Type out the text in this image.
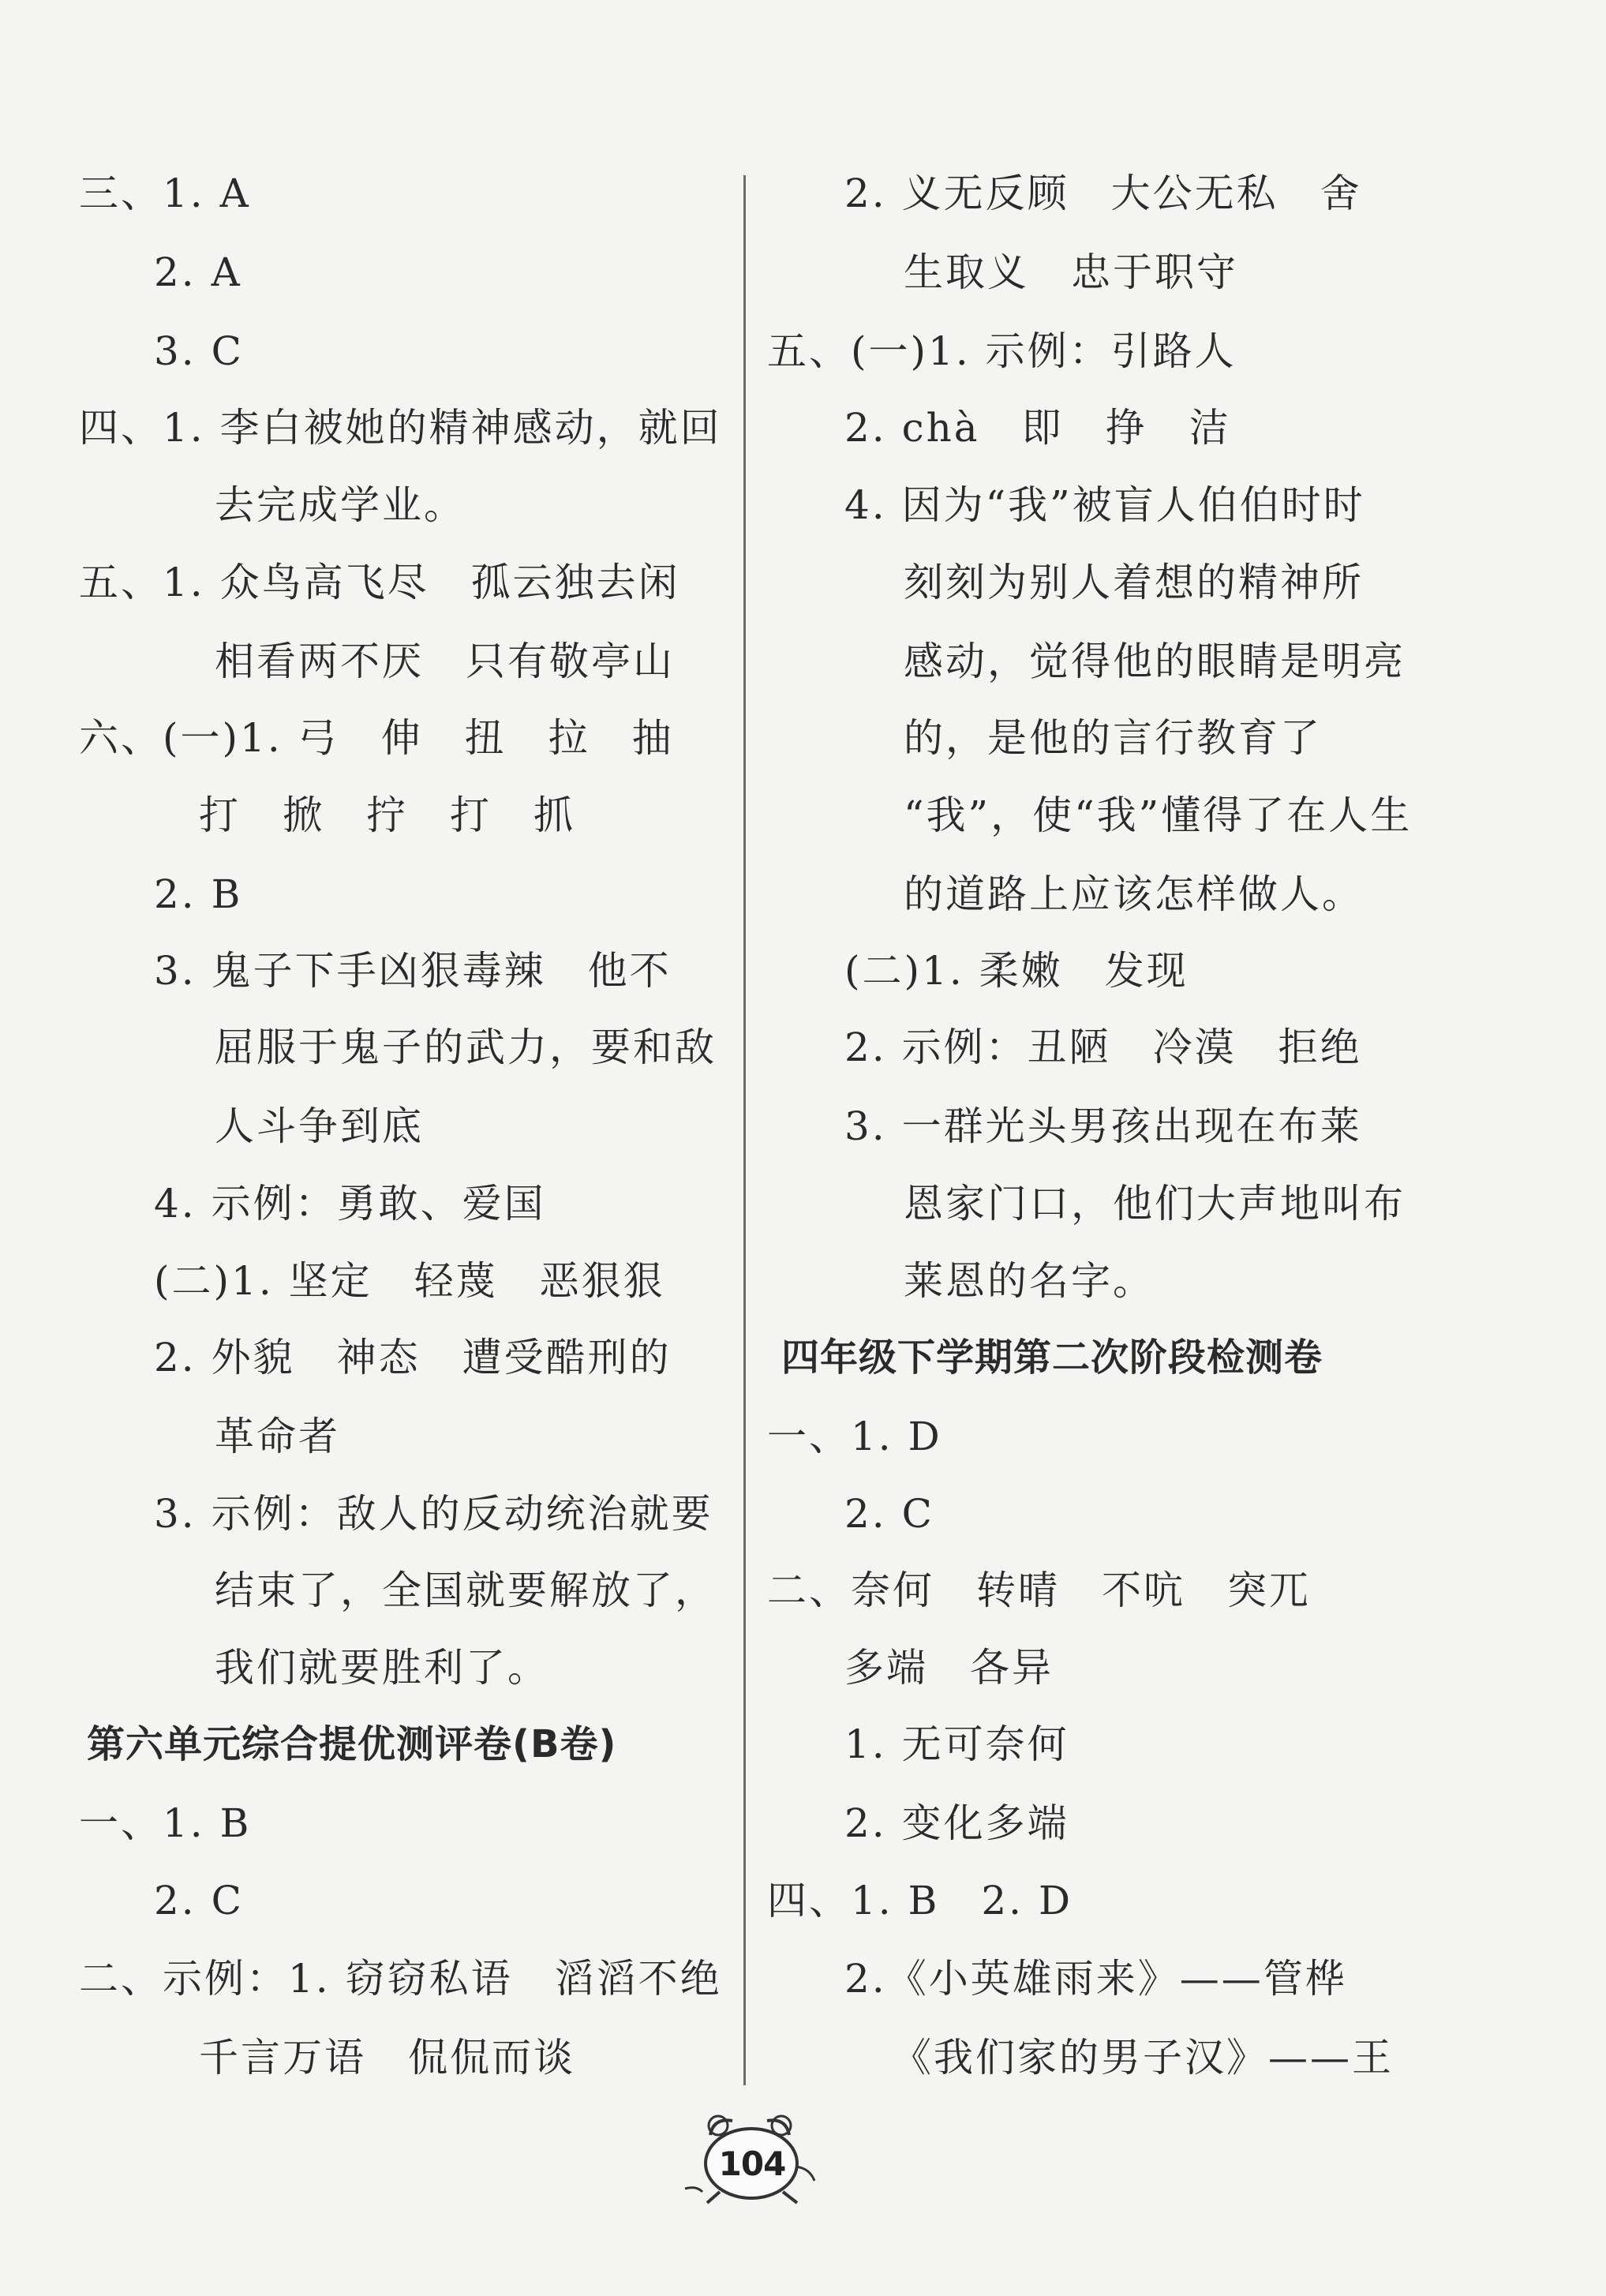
三、1. A
2. A
3. C
四、1. 李白被她的精神感动，就回
去完成学业。
五、1. 众鸟高飞尽　孤云独去闲
相看两不厌　只有敬亭山
六、(一)1. 弓　伸　扭　拉　抽
打　掀　拧　打　抓
2. B
3. 鬼子下手凶狠毒辣　他不
屈服于鬼子的武力，要和敌
人斗争到底
4. 示例：勇敢、爱国
(二)1. 坚定　轻蔑　恶狠狠
2. 外貌　神态　遭受酷刑的
革命者
3. 示例：敌人的反动统治就要
结束了，全国就要解放了，
我们就要胜利了。
第六单元综合提优测评卷(B卷)
一、1. B
2. C
二、示例：1. 窃窃私语　滔滔不绝
千言万语　侃侃而谈
2. 义无反顾　大公无私　舍
生取义　忠于职守
五、(一)1. 示例：引路人
2. chà　即　挣　洁
4. 因为“我”被盲人伯伯时时
刻刻为别人着想的精神所
感动，觉得他的眼睛是明亮
的，是他的言行教育了
“我”，使“我”懂得了在人生
的道路上应该怎样做人。
(二)1. 柔嫩　发现
2. 示例：丑陋　冷漠　拒绝
3. 一群光头男孩出现在布莱
恩家门口，他们大声地叫布
莱恩的名字。
四年级下学期第二次阶段检测卷
一、1. D
2. C
二、奈何　转晴　不吭　突兀
多端　各异
1. 无可奈何
2. 变化多端
四、1. B　2. D
2.《小英雄雨来》——管桦
《我们家的男子汉》——王
104
